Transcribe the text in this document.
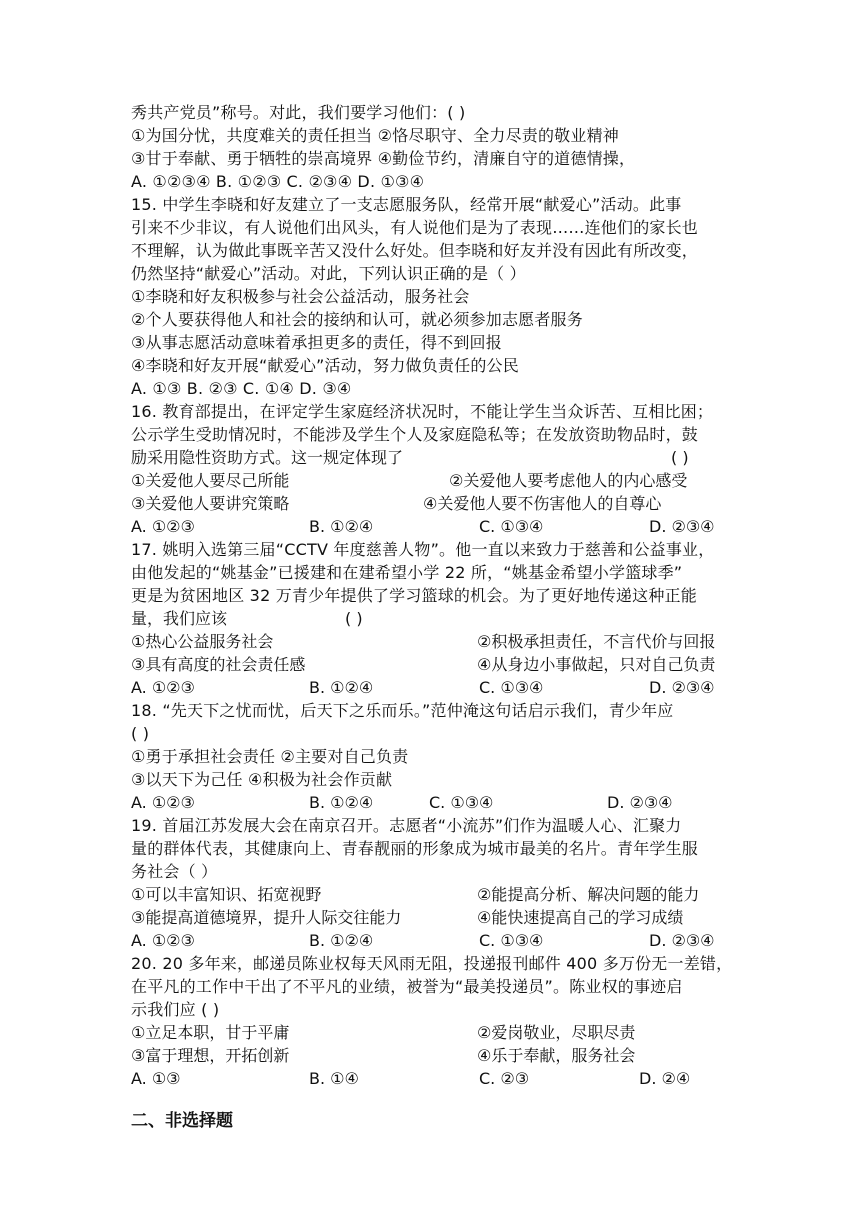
秀共产党员”称号。对此，我们要学习他们：( )
①为国分忧，共度难关的责任担当 ②恪尽职守、全力尽责的敬业精神
③甘于奉献、勇于牺牲的崇高境界 ④勤俭节约，清廉自守的道德情操，
A. ①②③④ B. ①②③ C. ②③④ D. ①③④
15. 中学生李晓和好友建立了一支志愿服务队，经常开展“献爱心”活动。此事
引来不少非议，有人说他们出风头，有人说他们是为了表现……连他们的家长也
不理解，认为做此事既辛苦又没什么好处。但李晓和好友并没有因此有所改变，
仍然坚持“献爱心”活动。对此，下列认识正确的是（ ）
①李晓和好友积极参与社会公益活动，服务社会
②个人要获得他人和社会的接纳和认可，就必须参加志愿者服务
③从事志愿活动意味着承担更多的责任，得不到回报
④李晓和好友开展“献爱心”活动，努力做负责任的公民
A. ①③ B. ②③ C. ①④ D. ③④
16. 教育部提出，在评定学生家庭经济状况时，不能让学生当众诉苦、互相比困；
公示学生受助情况时，不能涉及学生个人及家庭隐私等；在发放资助物品时，鼓
励采用隐性资助方式。这一规定体现了	( )
①关爱他人要尽己所能	②关爱他人要考虑他人的内心感受
③关爱他人要讲究策略	④关爱他人要不伤害他人的自尊心
A. ①②③	B. ①②④	C. ①③④	D. ②③④
17. 姚明入选第三届“CCTV 年度慈善人物”。他一直以来致力于慈善和公益事业，
由他发起的“姚基金”已援建和在建希望小学 22 所，“姚基金希望小学篮球季”
更是为贫困地区 32 万青少年提供了学习篮球的机会。为了更好地传递这种正能
量，我们应该	( )
①热心公益服务社会	②积极承担责任，不言代价与回报
③具有高度的社会责任感	④从身边小事做起，只对自己负责
A. ①②③	B. ①②④	C. ①③④	D. ②③④
18. “先天下之忧而忧，后天下之乐而乐。”范仲淹这句话启示我们，青少年应
( )
①勇于承担社会责任 ②主要对自己负责
③以天下为己任 ④积极为社会作贡献
A. ①②③	B. ①②④	C. ①③④	D. ②③④
19. 首届江苏发展大会在南京召开。志愿者“小流苏”们作为温暖人心、汇聚力
量的群体代表，其健康向上、青春靓丽的形象成为城市最美的名片。青年学生服
务社会（ ）
①可以丰富知识、拓宽视野	②能提高分析、解决问题的能力
③能提高道德境界，提升人际交往能力	④能快速提高自己的学习成绩
A. ①②③	B. ①②④	C. ①③④	D. ②③④
20. 20 多年来，邮递员陈业权每天风雨无阻，投递报刊邮件 400 多万份无一差错，
在平凡的工作中干出了不平凡的业绩，被誉为“最美投递员”。陈业权的事迹启
示我们应 ( )
①立足本职，甘于平庸	②爱岗敬业，尽职尽责
③富于理想，开拓创新	④乐于奉献，服务社会
A. ①③	B. ①④	C. ②③	D. ②④
二、非选择题
